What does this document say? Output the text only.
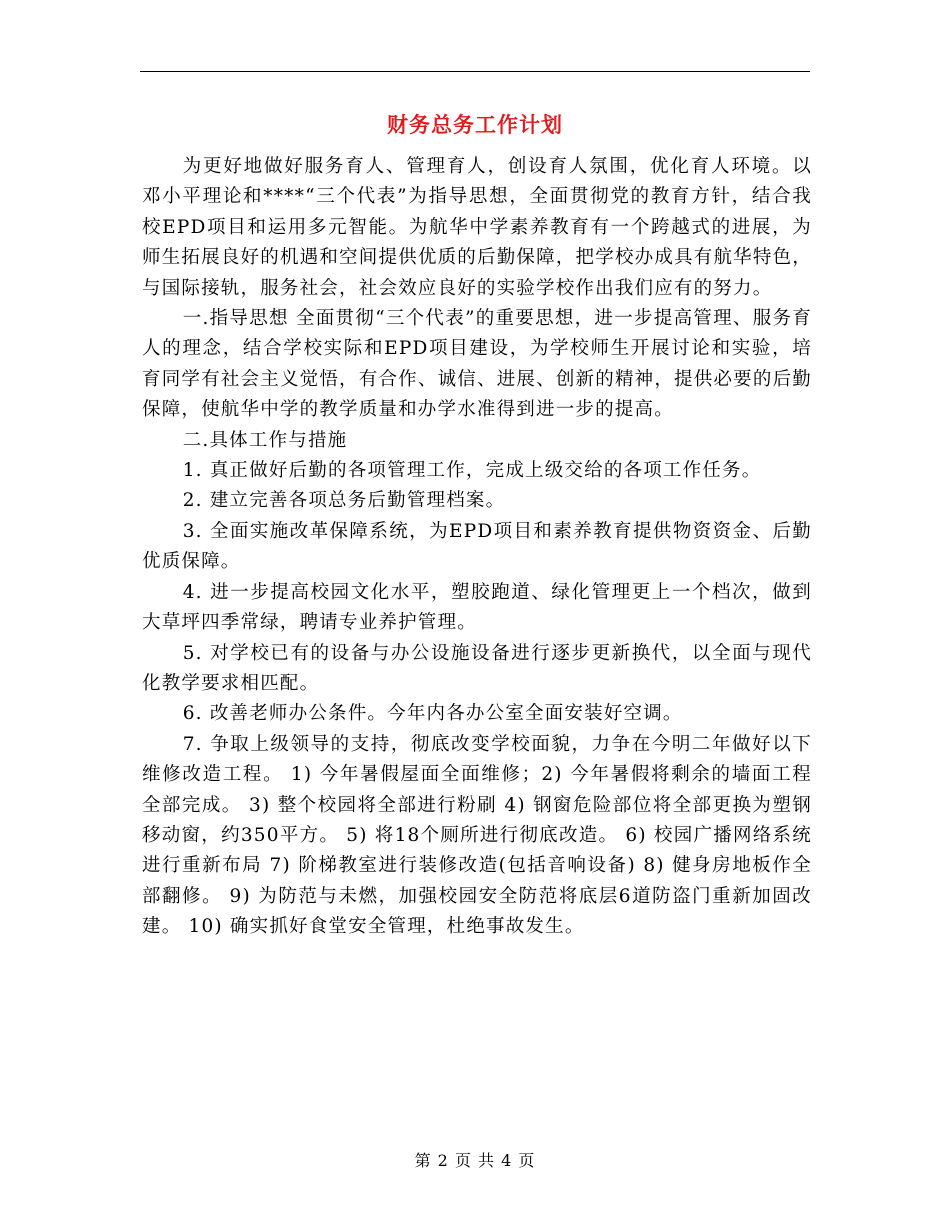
财务总务工作计划

为更好地做好服务育人、管理育人，创设育人氛围，优化育人环境。以邓小平理论和****“三个代表”为指导思想，全面贯彻党的教育方针，结合我校EPD项目和运用多元智能。为航华中学素养教育有一个跨越式的进展，为师生拓展良好的机遇和空间提供优质的后勤保障，把学校办成具有航华特色，与国际接轨，服务社会，社会效应良好的实验学校作出我们应有的努力。

一.指导思想 全面贯彻“三个代表”的重要思想，进一步提高管理、服务育人的理念，结合学校实际和EPD项目建设，为学校师生开展讨论和实验，培育同学有社会主义觉悟，有合作、诚信、进展、创新的精神，提供必要的后勤保障，使航华中学的教学质量和办学水准得到进一步的提高。

二.具体工作与措施

1. 真正做好后勤的各项管理工作，完成上级交给的各项工作任务。

2. 建立完善各项总务后勤管理档案。

3. 全面实施改革保障系统，为EPD项目和素养教育提供物资资金、后勤优质保障。

4. 进一步提高校园文化水平，塑胶跑道、绿化管理更上一个档次，做到大草坪四季常绿，聘请专业养护管理。

5. 对学校已有的设备与办公设施设备进行逐步更新换代，以全面与现代化教学要求相匹配。

6. 改善老师办公条件。今年内各办公室全面安装好空调。

7. 争取上级领导的支持，彻底改变学校面貌，力争在今明二年做好以下维修改造工程。 1) 今年暑假屋面全面维修；2) 今年暑假将剩余的墙面工程全部完成。 3) 整个校园将全部进行粉刷 4) 钢窗危险部位将全部更换为塑钢移动窗，约350平方。 5) 将18个厕所进行彻底改造。 6) 校园广播网络系统进行重新布局 7) 阶梯教室进行装修改造(包括音响设备) 8) 健身房地板作全部翻修。 9) 为防范与未燃，加强校园安全防范将底层6道防盗门重新加固改建。 10) 确实抓好食堂安全管理，杜绝事故发生。

第 2 页 共 4 页
